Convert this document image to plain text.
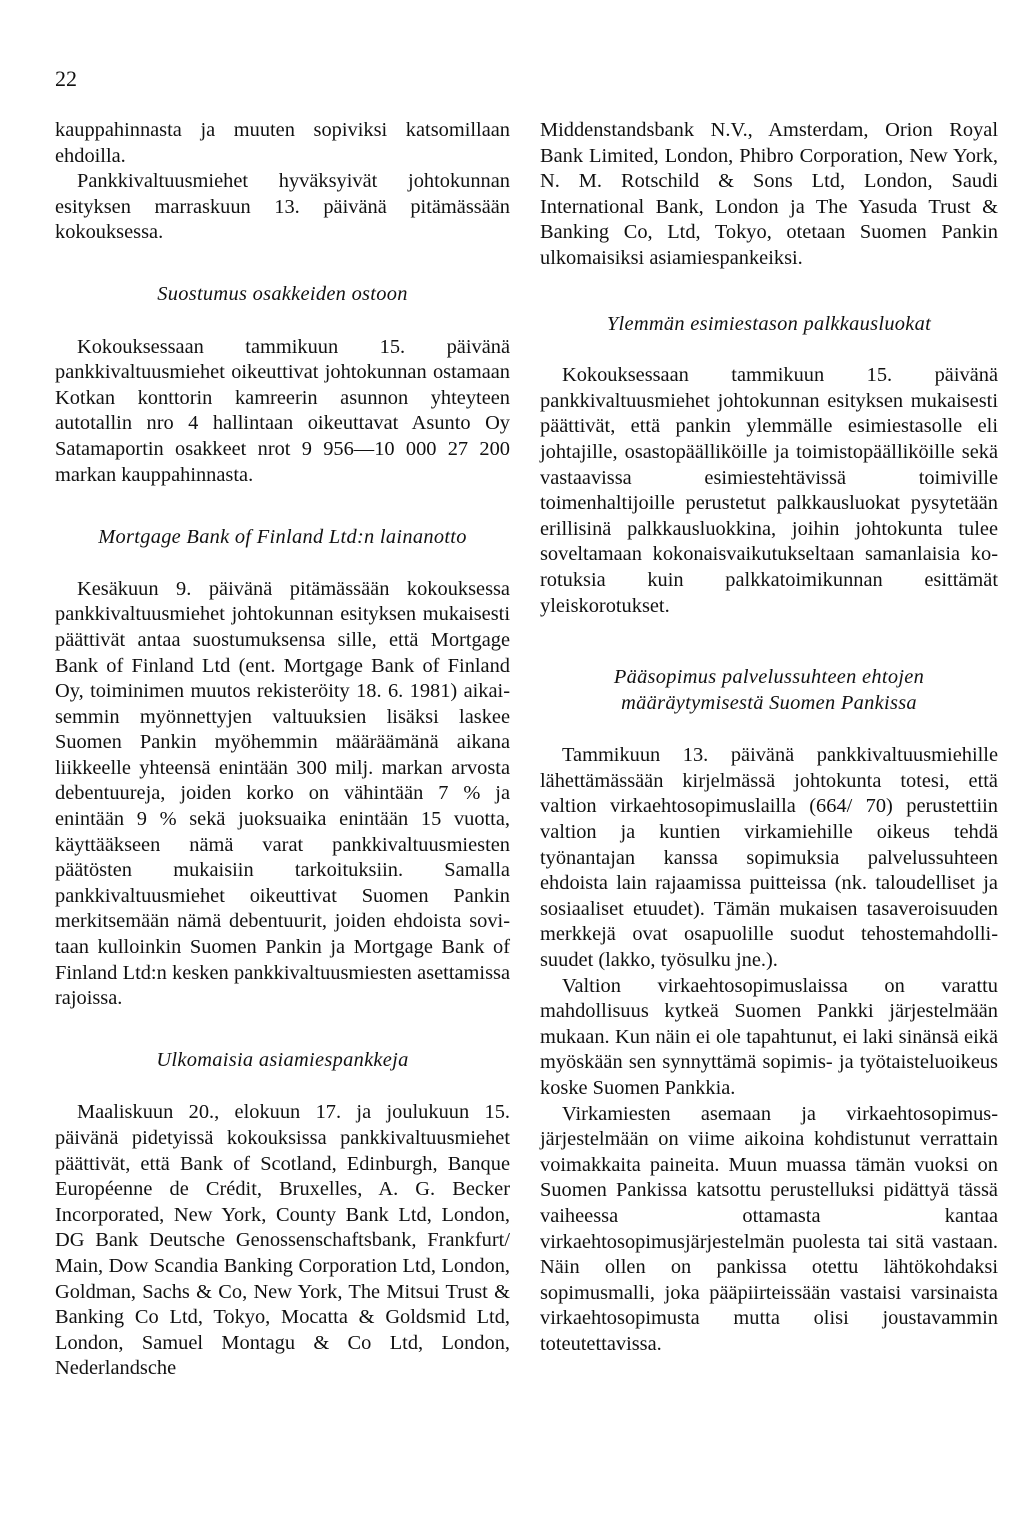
22

kauppahinnasta ja muuten sopiviksi katsomillaan ehdoilla.

Pankkivaltuusmiehet hyväksyivät johtokunnan esityksen marraskuun 13. päivänä pitämässään kokouksessa.

Suostumus osakkeiden ostoon

Kokouksessaan tammikuun 15. päivänä pankkivaltuusmiehet oikeuttivat johtokunnan ostamaan Kotkan konttorin kamreerin asunnon yhteyteen autotallin nro 4 hallintaan oikeuttavat Asunto Oy Satamaportin osakkeet nrot 9 956—10 000 27 200 markan kauppahinnasta.

Mortgage Bank of Finland Ltd:n lainanotto

Kesäkuun 9. päivänä pitämässään kokouksessa pankkivaltuusmiehet johtokunnan esityksen mukaisesti päättivät antaa suostumuksensa sille, että Mortgage Bank of Finland Ltd (ent. Mortgage Bank of Finland Oy, toiminimen muutos rekisteröity 18. 6. 1981) aikaisemmin myönnettyjen valtuuksien lisäksi laskee Suomen Pankin myöhemmin määräämänä aikana liikkeelle yhteensä enintään 300 milj. markan arvosta debentuureja, joiden korko on vähintään 7 % ja enintään 9 % sekä juoksuaika enintään 15 vuotta, käyttääkseen nämä varat pankkivaltuusmiesten päätösten mukaisiin tarkoituksiin. Samalla pankkivaltuusmiehet oikeuttivat Suomen Pankin merkitsemään nämä debentuurit, joiden ehdoista sovitaan kulloinkin Suomen Pankin ja Mortgage Bank of Finland Ltd:n kesken pankkivaltuusmiesten asettamissa rajoissa.

Ulkomaisia asiamiespankkeja

Maaliskuun 20., elokuun 17. ja joulukuun 15. päivänä pidetyissä kokouksissa pankkivaltuusmiehet päättivät, että Bank of Scotland, Edinburgh, Banque Européenne de Crédit, Bruxelles, A. G. Becker Incorporated, New York, County Bank Ltd, London, DG Bank Deutsche Genossenschaftsbank, Frankfurt/ Main, Dow Scandia Banking Corporation Ltd, London, Goldman, Sachs & Co, New York, The Mitsui Trust & Banking Co Ltd, Tokyo, Mocatta & Goldsmid Ltd, London, Samuel Montagu & Co Ltd, London, Nederlandsche

Middenstandsbank N.V., Amsterdam, Orion Royal Bank Limited, London, Phibro Corporation, New York, N. M. Rotschild & Sons Ltd, London, Saudi International Bank, London ja The Yasuda Trust & Banking Co, Ltd, Tokyo, otetaan Suomen Pankin ulkomaisiksi asiamiespankeiksi.

Ylemmän esimiestason palkkausluokat

Kokouksessaan tammikuun 15. päivänä pankkivaltuusmiehet johtokunnan esityksen mukaisesti päättivät, että pankin ylemmälle esimiestasolle eli johtajille, osastopäälliköille ja toimistopäälliköille sekä vastaavissa esimiestehtävissä toimiville toimenhaltijoille perustetut palkkausluokat pysytetään erillisinä palkkausluokkina, joihin johtokunta tulee soveltamaan kokonaisvaikutukseltaan samanlaisia korotuksia kuin palkkatoimikunnan esittämät yleiskorotukset.

Pääsopimus palvelussuhteen ehtojen
määräytymisestä Suomen Pankissa

Tammikuun 13. päivänä pankkivaltuusmiehille lähettämässään kirjelmässä johtokunta totesi, että valtion virkaehtosopimuslailla (664/ 70) perustettiin valtion ja kuntien virkamiehille oikeus tehdä työnantajan kanssa sopimuksia palvelussuhteen ehdoista lain rajaamissa puitteissa (nk. taloudelliset ja sosiaaliset etuudet). Tämän mukaisen tasaveroisuuden merkkejä ovat osapuolille suodut tehostemahdollisuudet (lakko, työsulku jne.).

Valtion virkaehtosopimuslaissa on varattu mahdollisuus kytkeä Suomen Pankki järjestelmään mukaan. Kun näin ei ole tapahtunut, ei laki sinänsä eikä myöskään sen synnyttämä sopimis- ja työtaisteluoikeus koske Suomen Pankkia.

Virkamiesten asemaan ja virkaehtosopimusjärjestelmään on viime aikoina kohdistunut verrattain voimakkaita paineita. Muun muassa tämän vuoksi on Suomen Pankissa katsottu perustelluksi pidättyä tässä vaiheessa ottamasta kantaa virkaehtosopimusjärjestelmän puolesta tai sitä vastaan. Näin ollen on pankissa otettu lähtökohdaksi sopimusmalli, joka pääpiirteissään vastaisi varsinaista virkaehtosopimusta mutta olisi joustavammin toteutettavissa.
